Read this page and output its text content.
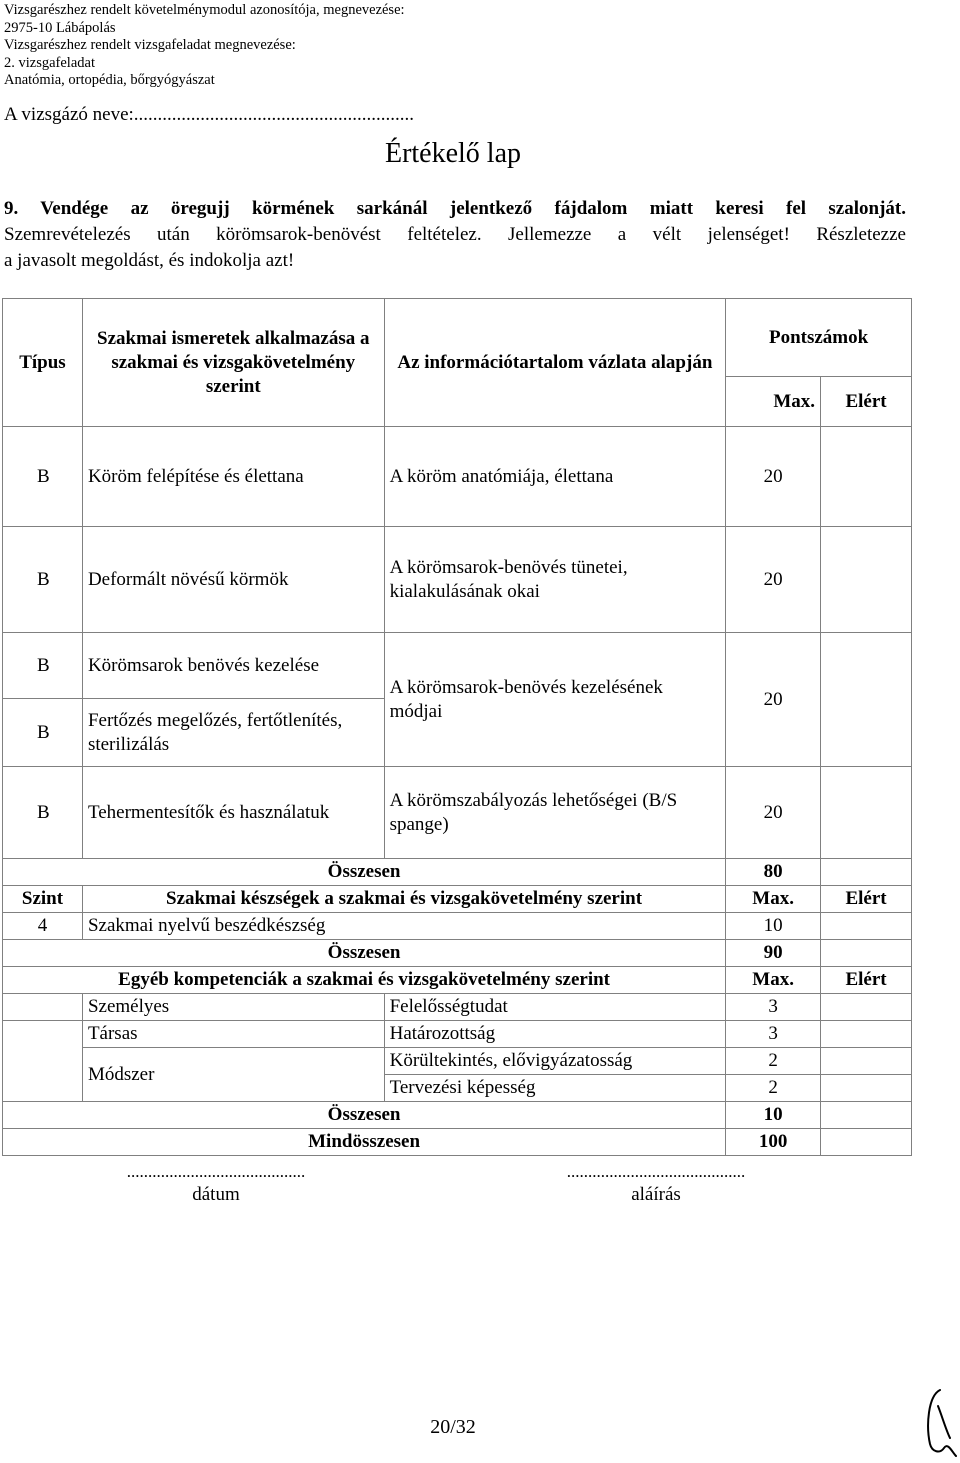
Vizsgarészhez rendelt követelménymodul azonosítója, megnevezése:
2975-10 Lábápolás
Vizsgarészhez rendelt vizsgafeladat megnevezése:
2. vizsgafeladat
Anatómia, ortopédia, bőrgyógyászat
A vizsgázó neve:...........................................................
Értékelő lap
9. Vendége az öregujj körmének sarkánál jelentkező fájdalom miatt keresi fel szalonját.
Szemrevételezés után körömsarok-benövést feltételez. Jellemezze a vélt jelenséget! Részletezze
a javasolt megoldást, és indokolja azt!
Típus	Szakmai ismeretek alkalmazása a szakmai és vizsgakövetelmény szerint	Az információtartalom vázlata alapján	Pontszámok	
			Max.	Elért
B	Köröm felépítése és élettana	A köröm anatómiája, élettana	20	
B	Deformált növésű körmök	A körömsarok-benövés tünetei, kialakulásának okai	20	
B	Körömsarok benövés kezelése	A körömsarok-benövés kezelésének módjai	20	
B	Fertőzés megelőzés, fertőtlenítés, sterilizálás			
B	Tehermentesítők és használatuk	A körömszabályozás lehetőségei (B/S spange)	20	
Összesen			80	
Szint	Szakmai készségek a szakmai és vizsgakövetelmény szerint		Max.	Elért
4	Szakmai nyelvű beszédkészség		10	
Összesen			90	
Egyéb kompetenciák a szakmai és vizsgakövetelmény szerint			Max.	Elért
	Személyes	Felelősségtudat	3	
	Társas	Határozottság	3	
	Módszer	Körültekintés, elővigyázatosság	2	
		Tervezési képesség	2	
Összesen			10	
Mindösszesen			100	
..........................................
dátum
..........................................
aláírás
20/32
